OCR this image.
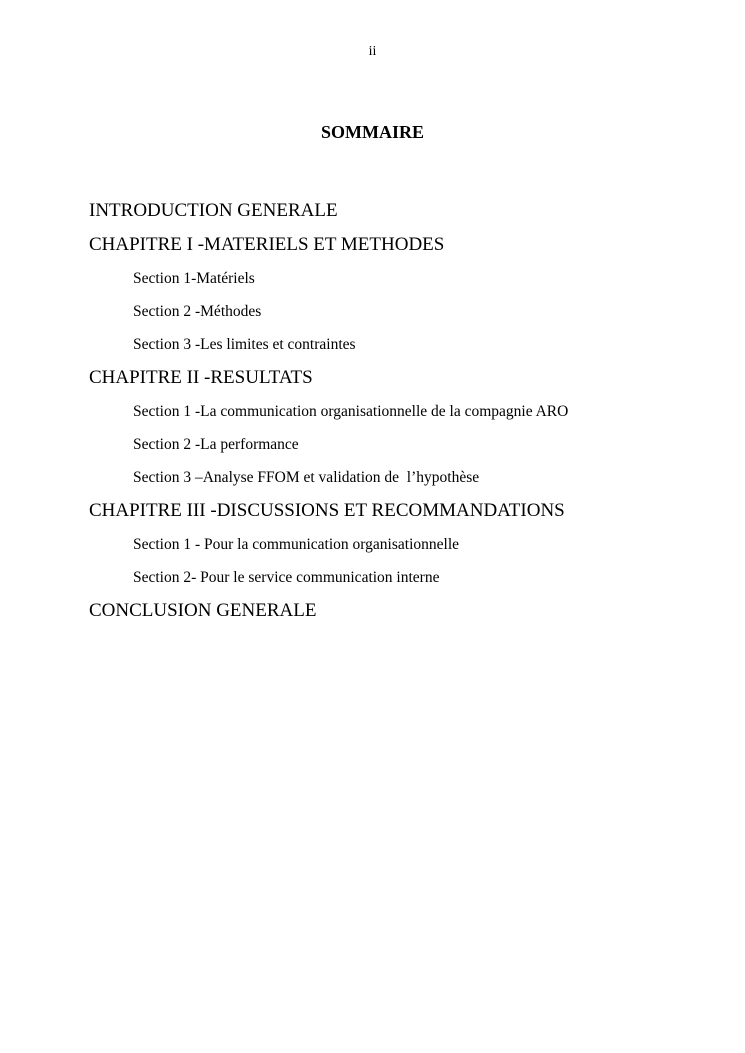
ii
SOMMAIRE
INTRODUCTION GENERALE
CHAPITRE I -MATERIELS ET METHODES
Section 1-Matériels
Section 2 -Méthodes
Section 3 -Les limites et contraintes
CHAPITRE II -RESULTATS
Section 1 -La communication organisationnelle de la compagnie ARO
Section 2 -La performance
Section 3 –Analyse FFOM et validation de  l’hypothèse
CHAPITRE III -DISCUSSIONS ET RECOMMANDATIONS
Section 1 - Pour la communication organisationnelle
Section 2- Pour le service communication interne
CONCLUSION GENERALE
